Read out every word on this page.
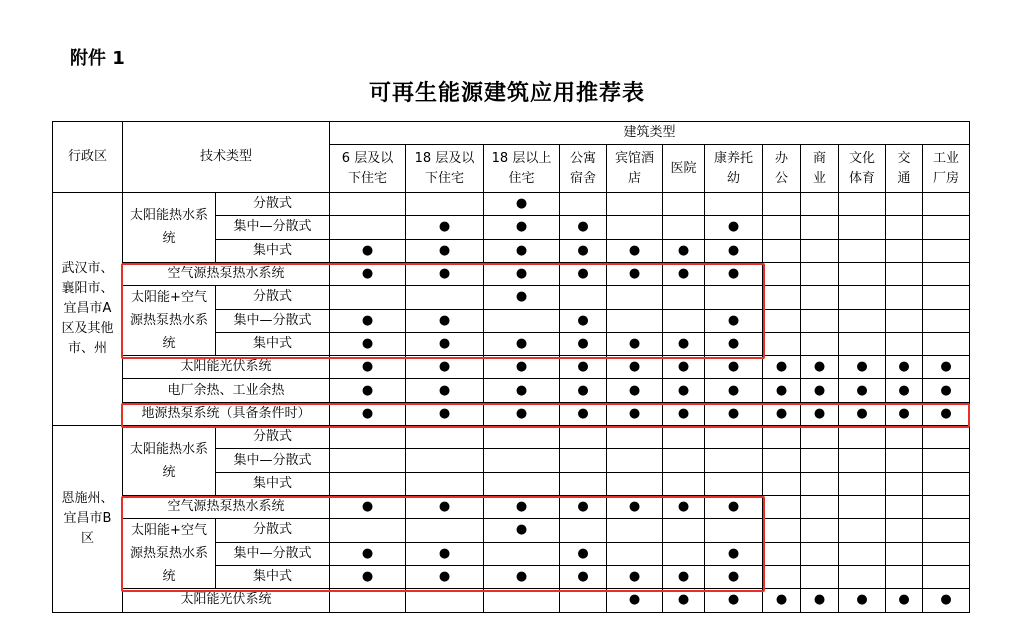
附件 1
可再生能源建筑应用推荐表
行政区	技术类型		建筑类型											
			6 层及以下住宅	18 层及以下住宅	18 层以上住宅	公寓宿舍	宾馆酒店	医院	康养托幼	办公	商业	文化体育	交通	工业厂房
武汉市、襄阳市、宜昌市A区及其他市、州	太阳能热水系统	分散式			●									
		集中—分散式		●	●	●			●					
		集中式	●	●	●	●	●	●	●					
	空气源热泵热水系统		●	●	●	●	●	●	●					
	太阳能+空气源热泵热水系统	分散式			●									
		集中—分散式	●	●		●			●					
		集中式	●	●	●	●	●	●	●					
	太阳能光伏系统		●	●	●	●	●	●	●	●	●	●	●	●
	电厂余热、工业余热		●	●	●	●	●	●	●	●	●	●	●	●
	地源热泵系统（具备条件时）		●	●	●	●	●	●	●	●	●	●	●	●
恩施州、宜昌市B区	太阳能热水系统	分散式												
		集中—分散式												
		集中式												
	空气源热泵热水系统		●	●	●	●	●	●	●					
	太阳能+空气源热泵热水系统	分散式			●									
		集中—分散式	●	●		●			●					
		集中式	●	●	●	●	●	●	●					
	太阳能光伏系统						●	●	●	●	●	●	●	●
